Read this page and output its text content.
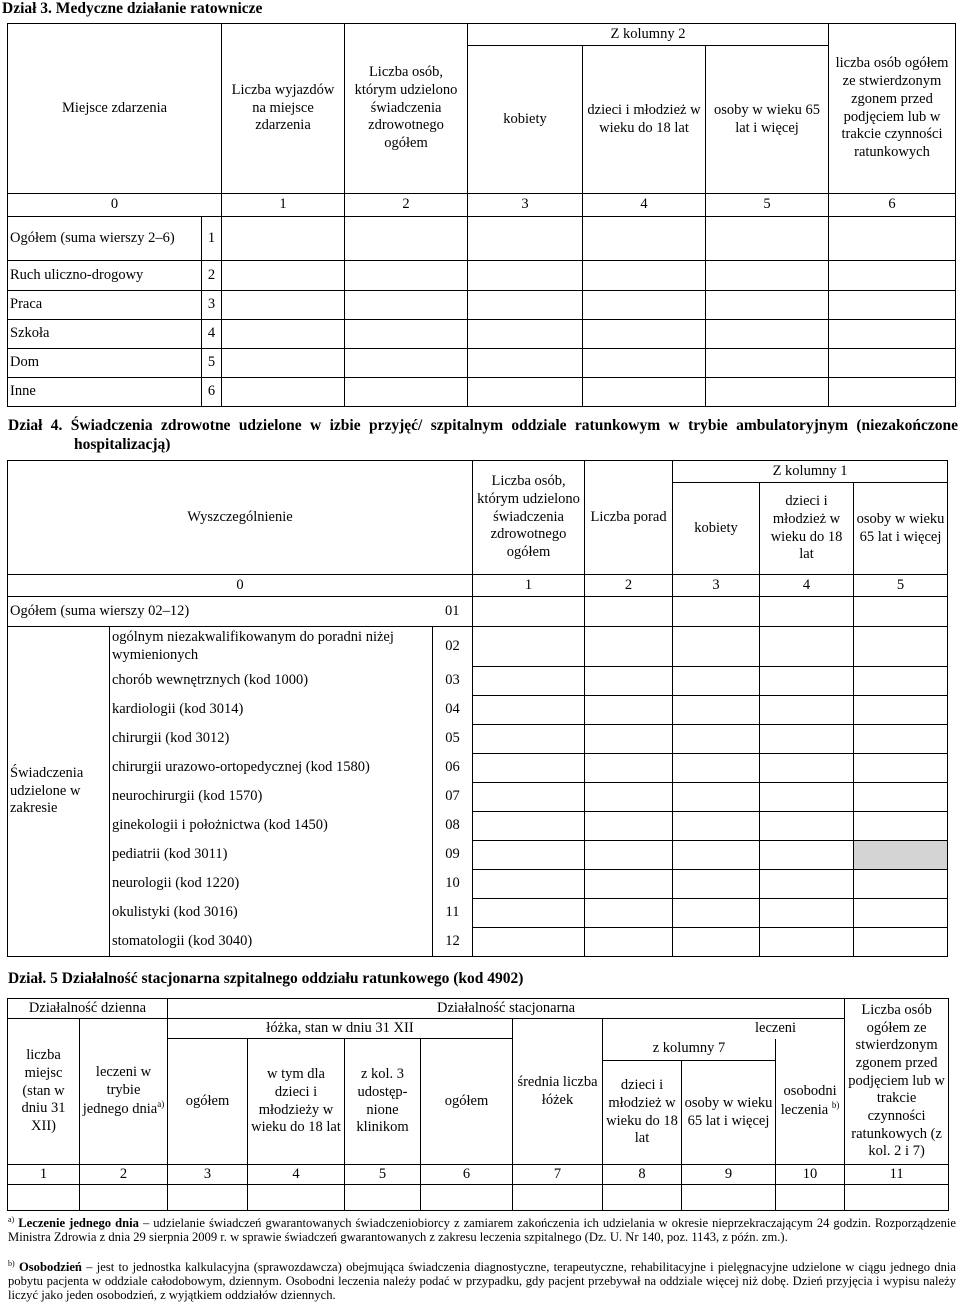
Dział 3. Medyczne działanie ratownicze
Miejsce zdarzenia		Liczba wyjazdów na miejsce zdarzenia	Liczba osób, którym udzielono świadczenia zdrowotnego ogółem	Z kolumny 2			liczba osób ogółem ze stwierdzonym zgonem przed podjęciem lub w trakcie czynności ratunkowych
				kobiety	dzieci i młodzież w wieku do 18 lat	osoby w wieku 65 lat i więcej	
0		1	2	3	4	5	6
Ogółem (suma wierszy 2–6)	1						
Ruch uliczno-drogowy	2						
Praca	3						
Szkoła	4						
Dom	5						
Inne	6						
Dział 4. Świadczenia zdrowotne udzielone w izbie przyjęć/ szpitalnym oddziale ratunkowym w trybie ambulatoryjnym (niezakończone hospitalizacją)
Wyszczególnienie			Liczba osób, którym udzielono świadczenia zdrowotnego ogółem	Liczba porad	Z kolumny 1		
					kobiety	dzieci i młodzież w wieku do 18 lat	osoby w wieku 65 lat i więcej
0			1	2	3	4	5
Ogółem (suma wierszy 02–12)		01					
Świadczenia udzielone w zakresie	ogólnym niezakwalifikowanym do poradni niżej wymienionych	02					
	chorób wewnętrznych (kod 1000)	03					
	kardiologii (kod 3014)	04					
	chirurgii (kod 3012)	05					
	chirurgii urazowo-ortopedycznej (kod 1580)	06					
	neurochirurgii (kod 1570)	07					
	ginekologii i położnictwa (kod 1450)	08					
	pediatrii (kod 3011)	09					
	neurologii (kod 1220)	10					
	okulistyki (kod 3016)	11					
	stomatologii (kod 3040)	12					
Dział. 5 Działalność stacjonarna szpitalnego oddziału ratunkowego (kod 4902)
Działalność dzienna		Działalność stacjonarna								Liczba osób ogółem ze stwierdzonym zgonem przed podjęciem lub w trakcie czynności ratunkowych (z kol. 2 i 7)
liczba miejsc (stan w dniu 31 XII)	leczeni w trybie jednego dnia$^{a)}$	łóżka, stan w dniu 31 XII				średnia liczba łóżek	leczeni			
		ogółem	w tym dla dzieci i młodzieży w wieku do 18 lat	z kol. 3 udostęp-nione klinikom	ogółem		z kolumny 7		osobodni leczenia $^{b)}$
							dzieci i młodzież w wieku do 18 lat	osoby w wieku 65 lat i więcej		
1	2	3	4	5	6	7	8	9	10	11

$^{a)}$ Leczenie jednego dnia – udzielanie świadczeń gwarantowanych świadczeniobiorcy z zamiarem zakończenia ich udzielania w okresie nieprzekraczającym 24 godzin. Rozporządzenie Ministra Zdrowia z dnia 29 sierpnia 2009 r. w sprawie świadczeń gwarantowanych z zakresu leczenia szpitalnego (Dz. U. Nr 140, poz. 1143, z późn. zm.).
$^{b)}$ Osobodzień – jest to jednostka kalkulacyjna (sprawozdawcza) obejmująca świadczenia diagnostyczne, terapeutyczne, rehabilitacyjne i pielęgnacyjne udzielone w ciągu jednego dnia pobytu pacjenta w oddziale całodobowym, dziennym. Osobodni leczenia należy podać w przypadku, gdy pacjent przebywał na oddziale więcej niż dobę. Dzień przyjęcia i wypisu należy liczyć jako jeden osobodzień, z wyjątkiem oddziałów dziennych.
